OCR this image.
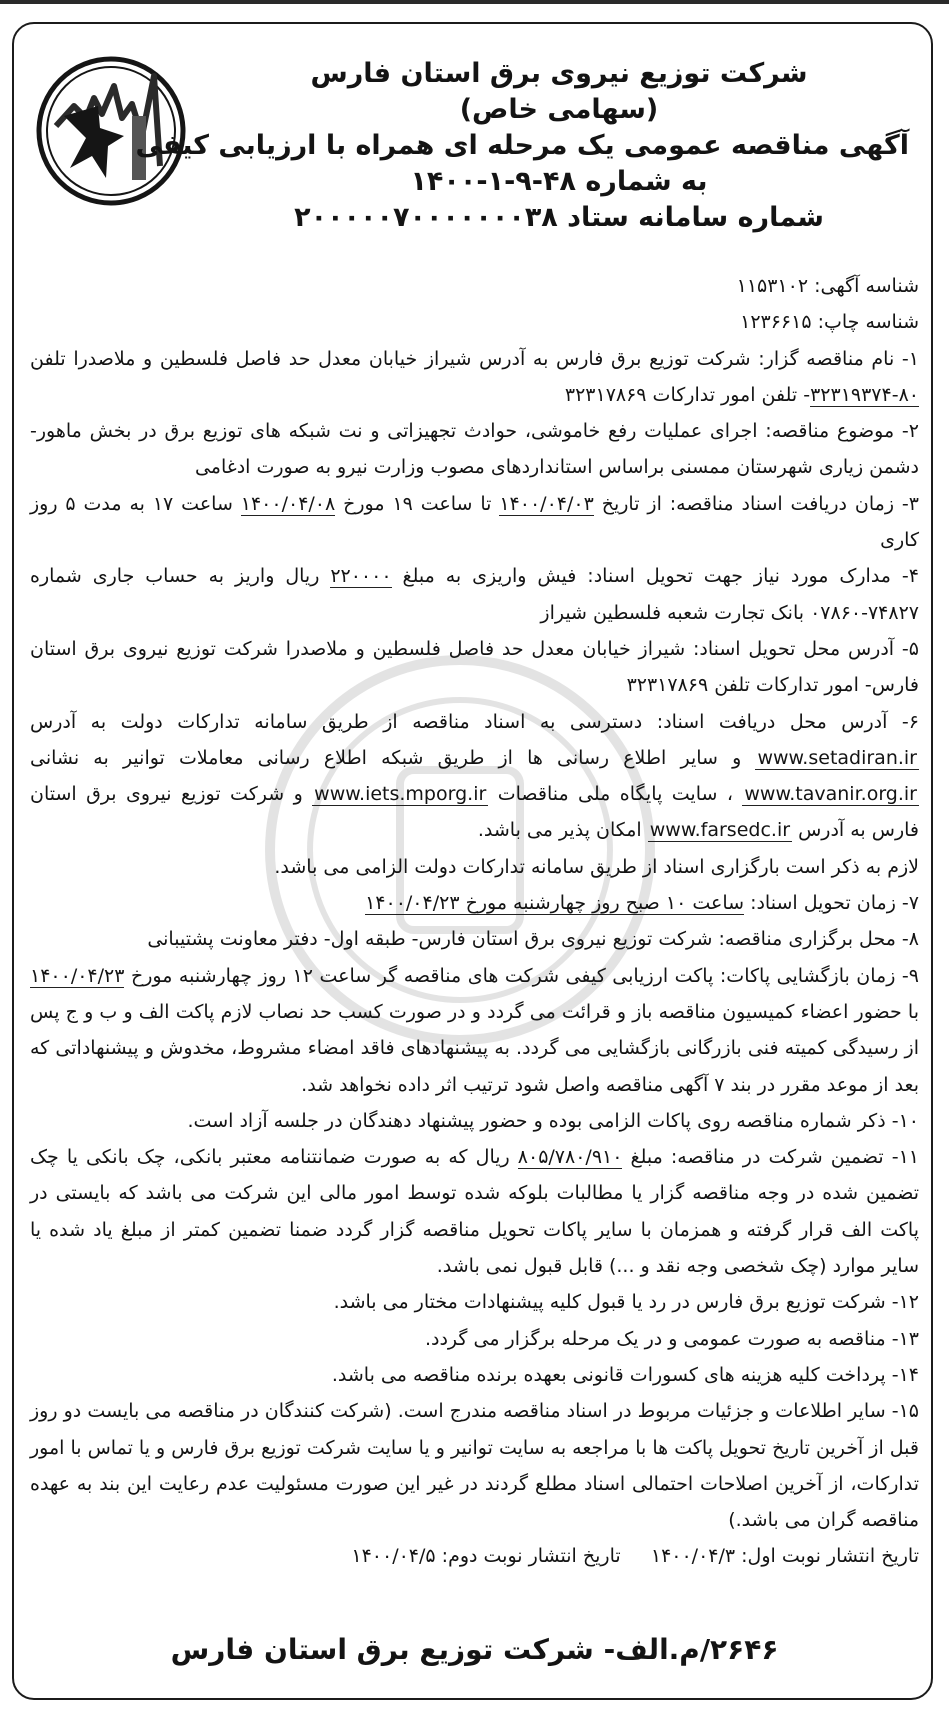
شرکت توزیع نیروی برق استان فارس

(سهامی خاص)

آگهی مناقصه عمومی یک مرحله ای همراه با ارزیابی کیفی

به شماره ۴۸-۹-۱-۱۴۰۰

شماره سامانه ستاد ۲۰۰۰۰۰۷۰۰۰۰۰۰۰۳۸

شناسه آگهی: ۱۱۵۳۱۰۲

شناسه چاپ: ۱۲۳۶۶۱۵

۱- نام مناقصه گزار: شرکت توزیع برق فارس به آدرس شیراز خیابان معدل حد فاصل فلسطین و ملاصدرا تلفن ۸۰-۳۲۳۱۹۳۷۴- تلفن امور تدارکات ۳۲۳۱۷۸۶۹

۲- موضوع مناقصه: اجرای عملیات رفع خاموشی، حوادث تجهیزاتی و نت شبکه های توزیع برق در بخش ماهور- دشمن زیاری شهرستان ممسنی براساس استانداردهای مصوب وزارت نیرو به صورت ادغامی

۳- زمان دریافت اسناد مناقصه: از تاریخ ۱۴۰۰/۰۴/۰۳ تا ساعت ۱۹ مورخ ۱۴۰۰/۰۴/۰۸ ساعت ۱۷ به مدت ۵ روز کاری

۴- مدارک مورد نیاز جهت تحویل اسناد: فیش واریزی به مبلغ ۲۲۰۰۰۰ ریال واریز به حساب جاری شماره ۷۴۸۲۷-۰۷۸۶۰ بانک تجارت شعبه فلسطین شیراز

۵- آدرس محل تحویل اسناد: شیراز خیابان معدل حد فاصل فلسطین و ملاصدرا شرکت توزیع نیروی برق استان فارس- امور تدارکات تلفن ۳۲۳۱۷۸۶۹

۶- آدرس محل دریافت اسناد: دسترسی به اسناد مناقصه از طریق سامانه تدارکات دولت به آدرس www.setadiran.ir و سایر اطلاع رسانی ها از طریق شبکه اطلاع رسانی معاملات توانیر به نشانی www.tavanir.org.ir ، سایت پایگاه ملی مناقصات www.iets.mporg.ir و شرکت توزیع نیروی برق استان فارس به آدرس www.farsedc.ir امکان پذیر می باشد.

لازم به ذکر است بارگزاری اسناد از طریق سامانه تدارکات دولت الزامی می باشد.

۷- زمان تحویل اسناد: ساعت ۱۰ صبح روز چهارشنبه مورخ ۱۴۰۰/۰۴/۲۳

۸- محل برگزاری مناقصه: شرکت توزیع نیروی برق استان فارس- طبقه اول- دفتر معاونت پشتیبانی

۹- زمان بازگشایی پاکات: پاکت ارزیابی کیفی شرکت های مناقصه گر ساعت ۱۲ روز چهارشنبه مورخ ۱۴۰۰/۰۴/۲۳ با حضور اعضاء کمیسیون مناقصه باز و قرائت می گردد و در صورت کسب حد نصاب لازم پاکت الف و ب و ج پس از رسیدگی کمیته فنی بازرگانی بازگشایی می گردد. به پیشنهادهای فاقد امضاء مشروط، مخدوش و پیشنهاداتی که بعد از موعد مقرر در بند ۷ آگهی مناقصه واصل شود ترتیب اثر داده نخواهد شد.

۱۰- ذکر شماره مناقصه روی پاکات الزامی بوده و حضور پیشنهاد دهندگان در جلسه آزاد است.

۱۱- تضمین شرکت در مناقصه: مبلغ ۸۰۵/۷۸۰/۹۱۰ ریال که به صورت ضمانتنامه معتبر بانکی، چک بانکی یا چک تضمین شده در وجه مناقصه گزار یا مطالبات بلوکه شده توسط امور مالی این شرکت می باشد که بایستی در پاکت الف قرار گرفته و همزمان با سایر پاکات تحویل مناقصه گزار گردد ضمنا تضمین کمتر از مبلغ یاد شده یا سایر موارد (چک شخصی وجه نقد و ...) قابل قبول نمی باشد.

۱۲- شرکت توزیع برق فارس در رد یا قبول کلیه پیشنهادات مختار می باشد.

۱۳- مناقصه به صورت عمومی و در یک مرحله برگزار می گردد.

۱۴- پرداخت کلیه هزینه های کسورات قانونی بعهده برنده مناقصه می باشد.

۱۵- سایر اطلاعات و جزئیات مربوط در اسناد مناقصه مندرج است. (شرکت کنندگان در مناقصه می بایست دو روز قبل از آخرین تاریخ تحویل پاکت ها با مراجعه به سایت توانیر و یا سایت شرکت توزیع برق فارس و یا تماس با امور تدارکات، از آخرین اصلاحات احتمالی اسناد مطلع گردند در غیر این صورت مسئولیت عدم رعایت این بند به عهده مناقصه گران می باشد.)

تاریخ انتشار نوبت اول: ۱۴۰۰/۰۴/۳     تاریخ انتشار نوبت دوم: ۱۴۰۰/۰۴/۵

۲۶۴۶/م.الف- شرکت توزیع برق استان فارس
